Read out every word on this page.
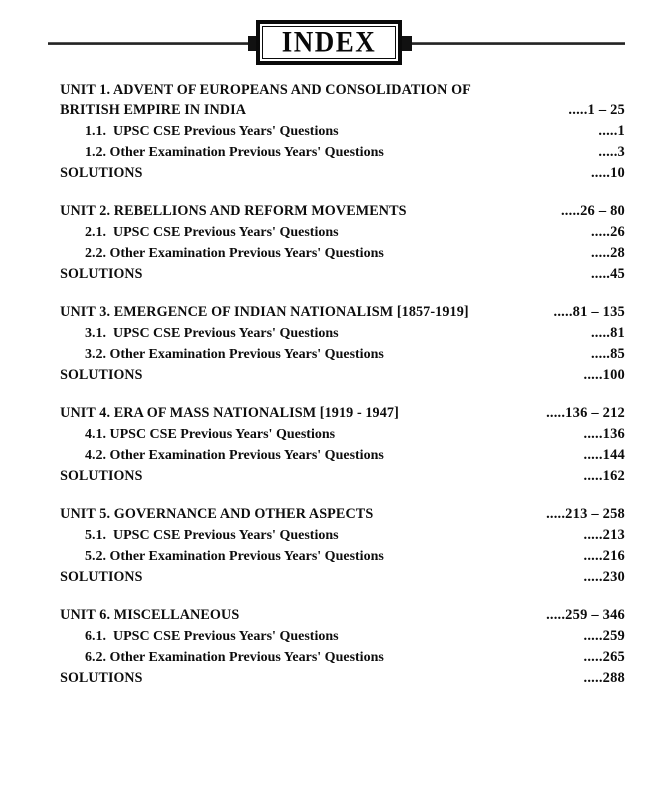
INDEX
UNIT 1. ADVENT OF EUROPEANS AND CONSOLIDATION OF
BRITISH EMPIRE IN INDIA	.....1 – 25
1.1.  UPSC CSE Previous Years' Questions	.....1
1.2. Other Examination Previous Years' Questions	.....3
SOLUTIONS	.....10
UNIT 2. REBELLIONS AND REFORM MOVEMENTS	.....26 – 80
2.1.  UPSC CSE Previous Years' Questions	.....26
2.2. Other Examination Previous Years' Questions	.....28
SOLUTIONS	.....45
UNIT 3. EMERGENCE OF INDIAN NATIONALISM [1857-1919]	.....81 – 135
3.1.  UPSC CSE Previous Years' Questions	.....81
3.2. Other Examination Previous Years' Questions	.....85
SOLUTIONS	.....100
UNIT 4. ERA OF MASS NATIONALISM [1919 - 1947]	.....136 – 212
4.1. UPSC CSE Previous Years' Questions	.....136
4.2. Other Examination Previous Years' Questions	.....144
SOLUTIONS	.....162
UNIT 5. GOVERNANCE AND OTHER ASPECTS	.....213 – 258
5.1.  UPSC CSE Previous Years' Questions	.....213
5.2. Other Examination Previous Years' Questions	.....216
SOLUTIONS	.....230
UNIT 6. MISCELLANEOUS	.....259 – 346
6.1.  UPSC CSE Previous Years' Questions	.....259
6.2. Other Examination Previous Years' Questions	.....265
SOLUTIONS	.....288
